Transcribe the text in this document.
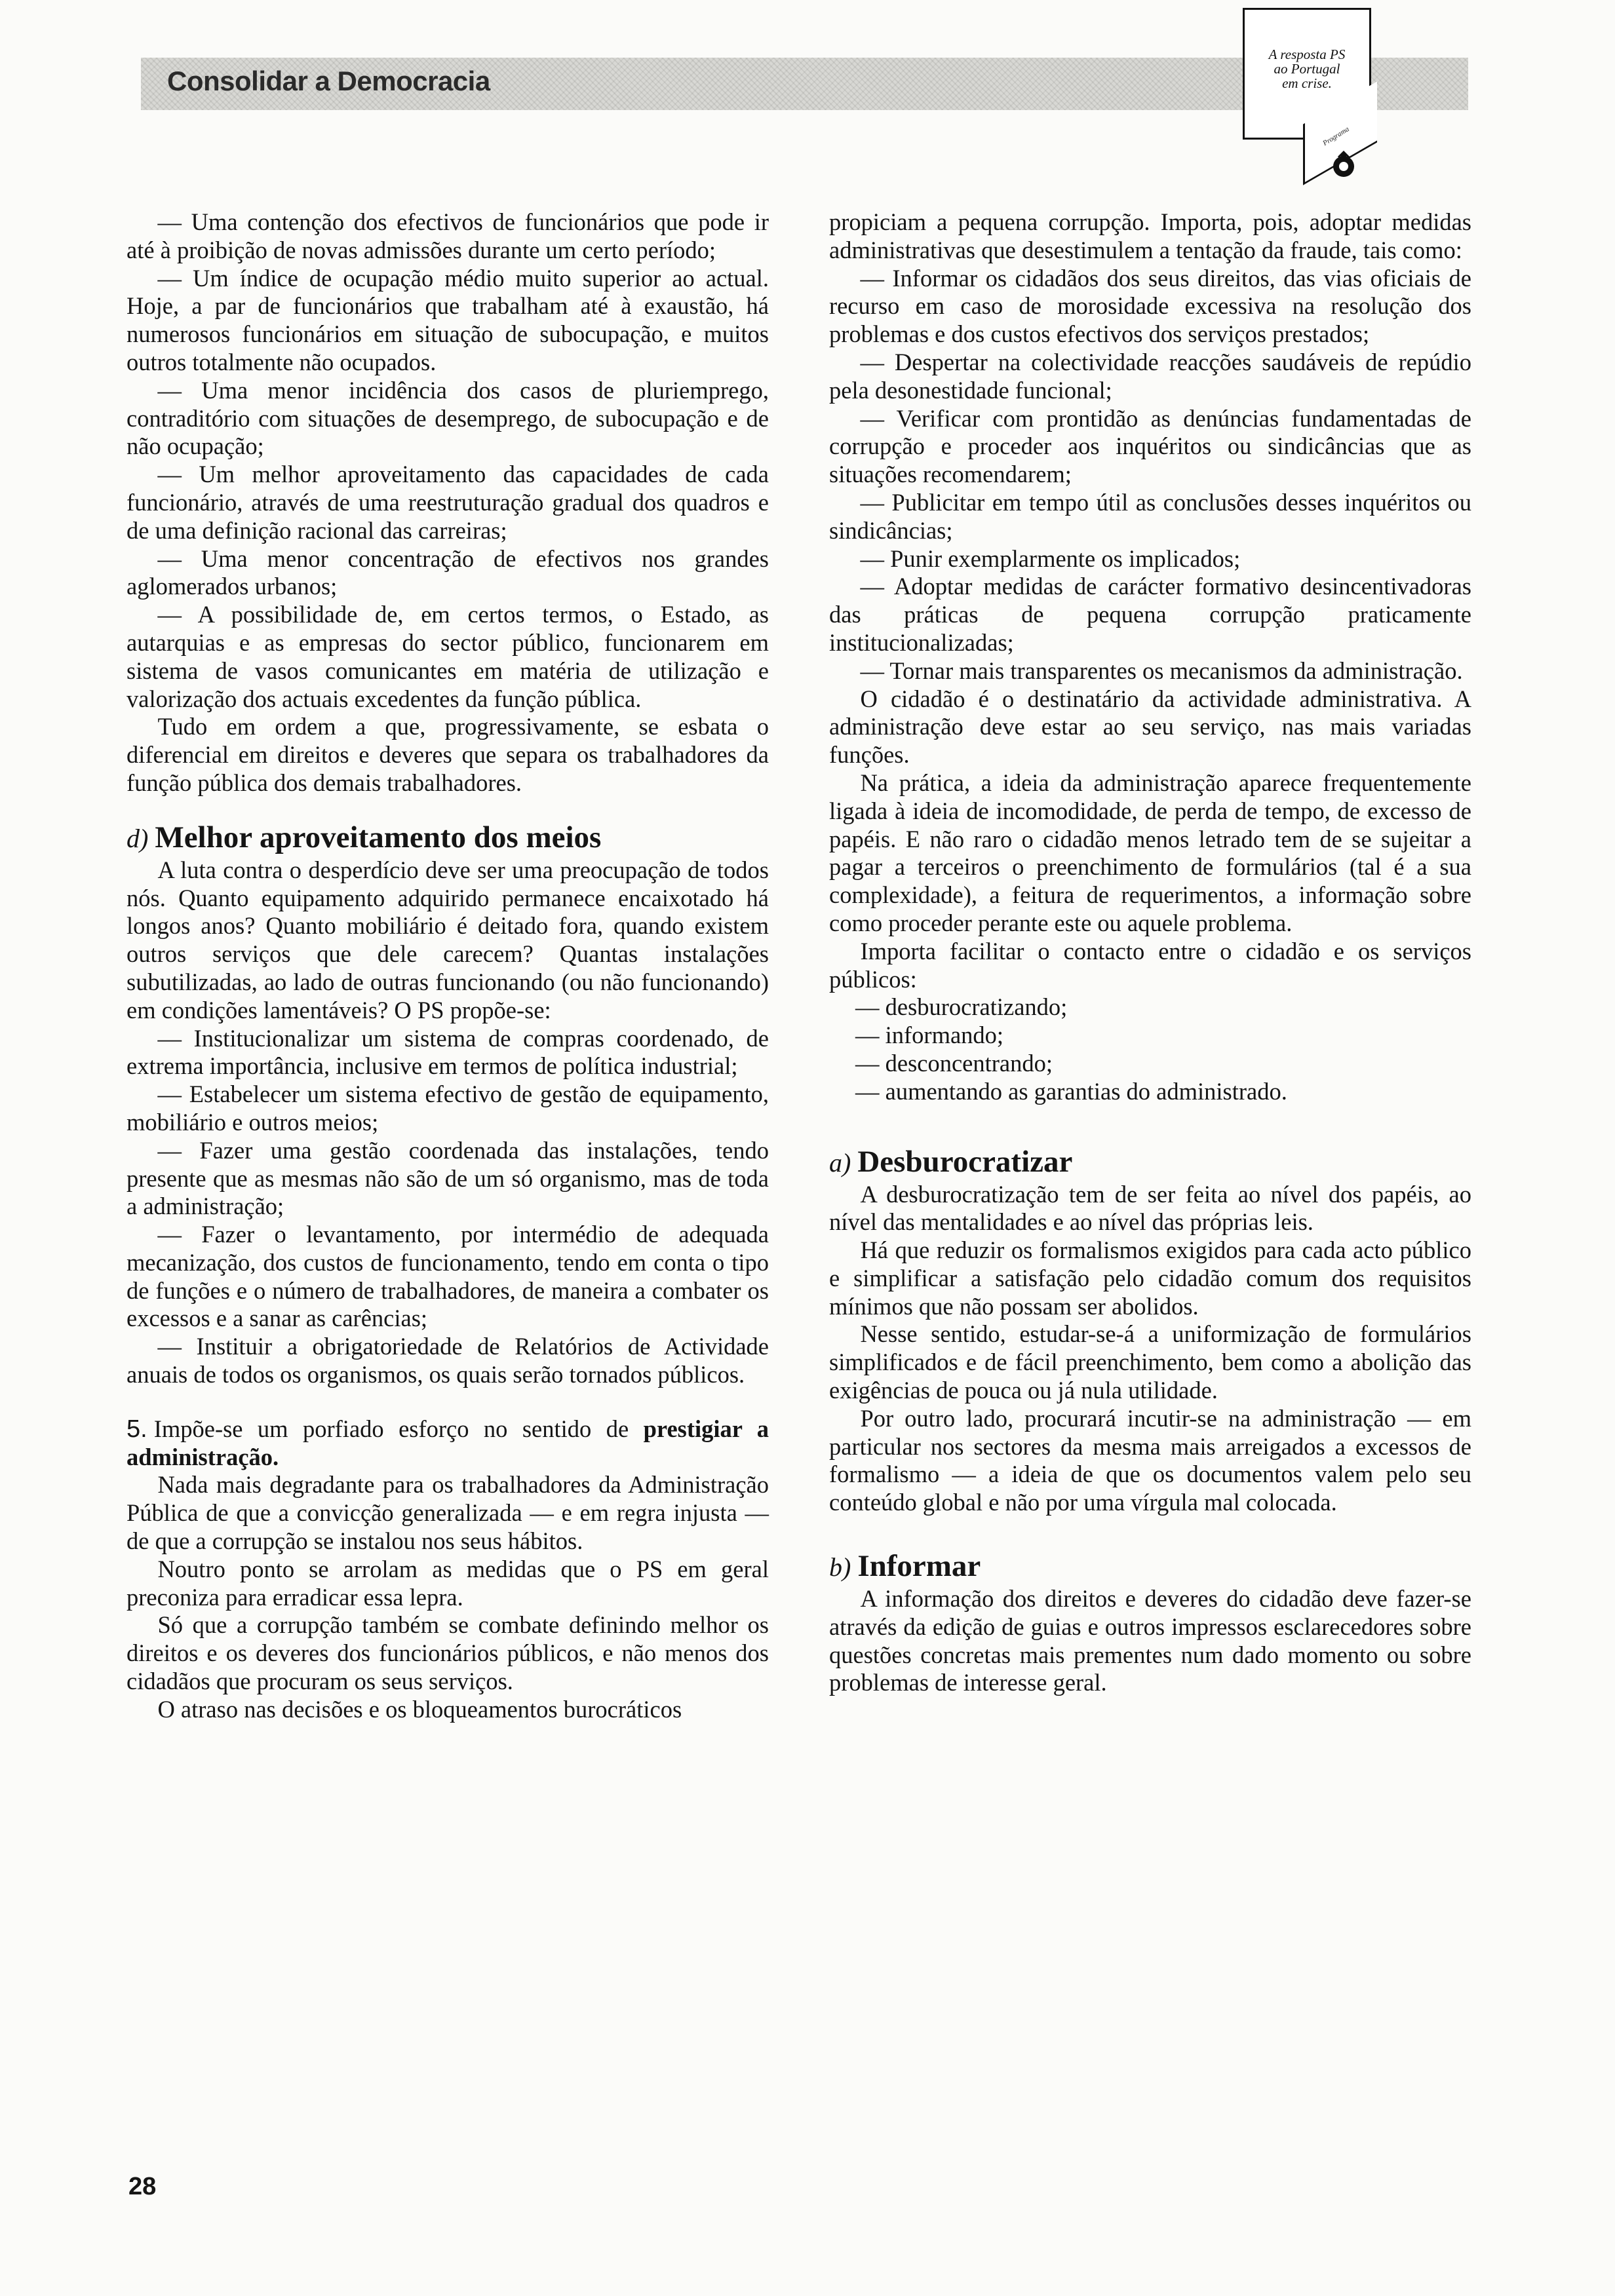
Consolidar a Democracia
A resposta PS
ao Portugal
em crise.
Programa

— Uma contenção dos efectivos de funcionários que pode ir até à proibição de novas admissões durante um certo período;

— Um índice de ocupação médio muito superior ao actual. Hoje, a par de funcionários que trabalham até à exaustão, há numerosos funcionários em situação de subocupação, e muitos outros totalmente não ocupados.

— Uma menor incidência dos casos de pluriemprego, contraditório com situações de desemprego, de subocupação e de não ocupação;

— Um melhor aproveitamento das capacidades de cada funcionário, através de uma reestruturação gradual dos quadros e de uma definição racional das carreiras;

— Uma menor concentração de efectivos nos grandes aglomerados urbanos;

— A possibilidade de, em certos termos, o Estado, as autarquias e as empresas do sector público, funcionarem em sistema de vasos comunicantes em matéria de utilização e valorização dos actuais excedentes da função pública.

Tudo em ordem a que, progressivamente, se esbata o diferencial em direitos e deveres que separa os trabalhadores da função pública dos demais trabalhadores.

d) Melhor aproveitamento dos meios

A luta contra o desperdício deve ser uma preocupação de todos nós. Quanto equipamento adquirido permanece encaixotado há longos anos? Quanto mobiliário é deitado fora, quando existem outros serviços que dele carecem? Quantas instalações subutilizadas, ao lado de outras funcionando (ou não funcionando) em condições lamentáveis? O PS propõe-se:

— Institucionalizar um sistema de compras coordenado, de extrema importância, inclusive em termos de política industrial;

— Estabelecer um sistema efectivo de gestão de equipamento, mobiliário e outros meios;

— Fazer uma gestão coordenada das instalações, tendo presente que as mesmas não são de um só organismo, mas de toda a administração;

— Fazer o levantamento, por intermédio de adequada mecanização, dos custos de funcionamento, tendo em conta o tipo de funções e o número de trabalhadores, de maneira a combater os excessos e a sanar as carências;

— Instituir a obrigatoriedade de Relatórios de Actividade anuais de todos os organismos, os quais serão tornados públicos.

5. Impõe-se um porfiado esforço no sentido de prestigiar a administração.

Nada mais degradante para os trabalhadores da Administração Pública de que a convicção generalizada — e em regra injusta — de que a corrupção se instalou nos seus hábitos.

Noutro ponto se arrolam as medidas que o PS em geral preconiza para erradicar essa lepra.

Só que a corrupção também se combate definindo melhor os direitos e os deveres dos funcionários públicos, e não menos dos cidadãos que procuram os seus serviços.

O atraso nas decisões e os bloqueamentos burocráticos

propiciam a pequena corrupção. Importa, pois, adoptar medidas administrativas que desestimulem a tentação da fraude, tais como:

— Informar os cidadãos dos seus direitos, das vias oficiais de recurso em caso de morosidade excessiva na resolução dos problemas e dos custos efectivos dos serviços prestados;

— Despertar na colectividade reacções saudáveis de repúdio pela desonestidade funcional;

— Verificar com prontidão as denúncias fundamentadas de corrupção e proceder aos inquéritos ou sindicâncias que as situações recomendarem;

— Publicitar em tempo útil as conclusões desses inquéritos ou sindicâncias;

— Punir exemplarmente os implicados;

— Adoptar medidas de carácter formativo desincentivadoras das práticas de pequena corrupção praticamente institucionalizadas;

— Tornar mais transparentes os mecanismos da administração.

O cidadão é o destinatário da actividade administrativa. A administração deve estar ao seu serviço, nas mais variadas funções.

Na prática, a ideia da administração aparece frequentemente ligada à ideia de incomodidade, de perda de tempo, de excesso de papéis. E não raro o cidadão menos letrado tem de se sujeitar a pagar a terceiros o preenchimento de formulários (tal é a sua complexidade), a feitura de requerimentos, a informação sobre como proceder perante este ou aquele problema.

Importa facilitar o contacto entre o cidadão e os serviços públicos:

— desburocratizando;
— informando;
— desconcentrando;
— aumentando as garantias do administrado.
a) Desburocratizar

A desburocratização tem de ser feita ao nível dos papéis, ao nível das mentalidades e ao nível das próprias leis.

Há que reduzir os formalismos exigidos para cada acto público e simplificar a satisfação pelo cidadão comum dos requisitos mínimos que não possam ser abolidos.

Nesse sentido, estudar-se-á a uniformização de formulários simplificados e de fácil preenchimento, bem como a abolição das exigências de pouca ou já nula utilidade.

Por outro lado, procurará incutir-se na administração — em particular nos sectores da mesma mais arreigados a excessos de formalismo — a ideia de que os documentos valem pelo seu conteúdo global e não por uma vírgula mal colocada.

b) Informar

A informação dos direitos e deveres do cidadão deve fazer-se através da edição de guias e outros impressos esclarecedores sobre questões concretas mais prementes num dado momento ou sobre problemas de interesse geral.

28
